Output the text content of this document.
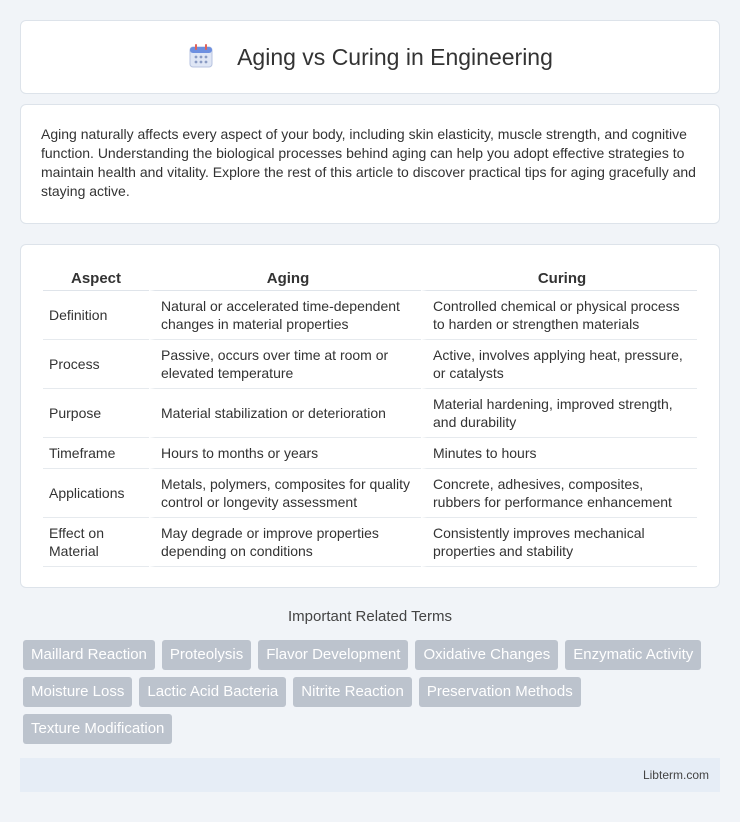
Aging vs Curing in Engineering

Aging naturally affects every aspect of your body, including skin elasticity, muscle strength, and cognitive function. Understanding the biological processes behind aging can help you adopt effective strategies to maintain health and vitality. Explore the rest of this article to discover practical tips for aging gracefully and staying active.

Aspect	Aging	Curing
Definition	Natural or accelerated time-dependent changes in material properties	Controlled chemical or physical process to harden or strengthen materials
Process	Passive, occurs over time at room or elevated temperature	Active, involves applying heat, pressure, or catalysts
Purpose	Material stabilization or deterioration	Material hardening, improved strength, and durability
Timeframe	Hours to months or years	Minutes to hours
Applications	Metals, polymers, composites for quality control or longevity assessment	Concrete, adhesives, composites, rubbers for performance enhancement
Effect on Material	May degrade or improve properties depending on conditions	Consistently improves mechanical properties and stability
Important Related Terms
Maillard Reaction	Proteolysis	Flavor Development	Oxidative Changes	Enzymatic Activity
Moisture Loss	Lactic Acid Bacteria	Nitrite Reaction	Preservation Methods
Texture Modification
Libterm.com
